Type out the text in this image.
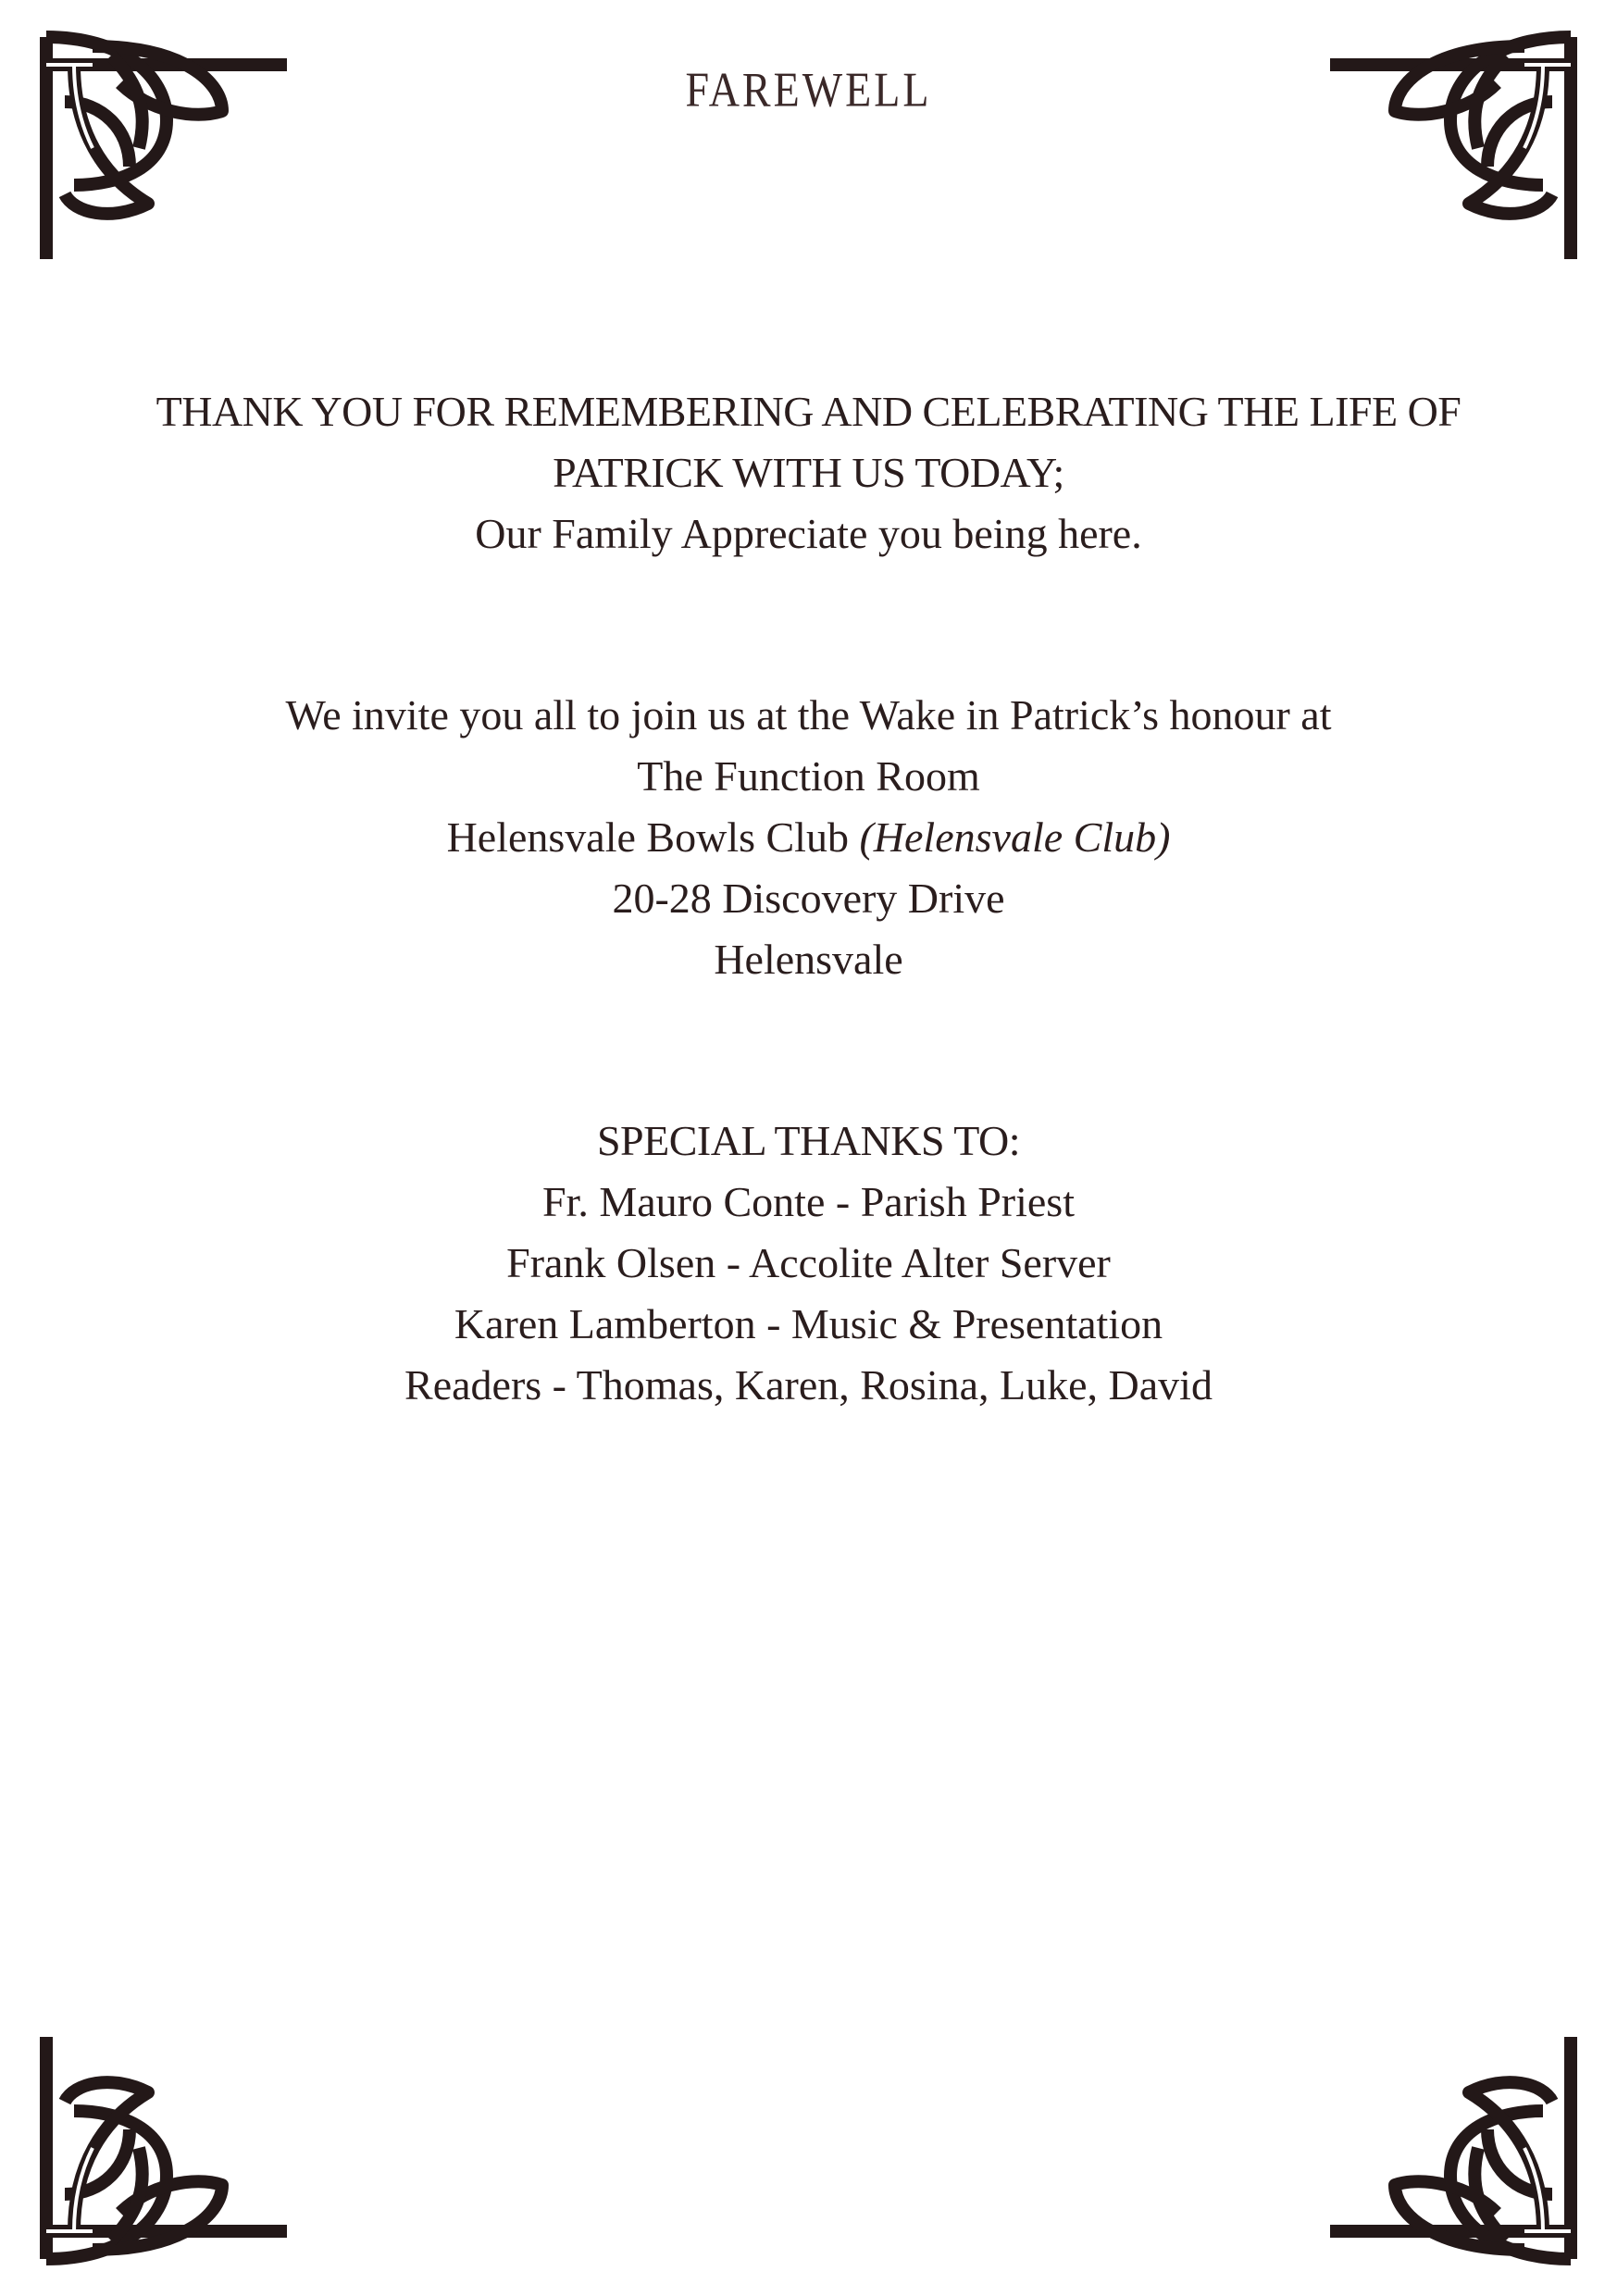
FAREWELL
THANK YOU FOR REMEMBERING AND CELEBRATING THE LIFE OF
PATRICK WITH US TODAY;
Our Family Appreciate you being here.
We invite you all to join us at the Wake in Patrick’s honour at
The Function Room
Helensvale Bowls Club (Helensvale Club)
20-28 Discovery Drive
Helensvale
SPECIAL THANKS TO:
Fr. Mauro Conte - Parish Priest
Frank Olsen - Accolite Alter Server
Karen Lamberton - Music & Presentation
Readers - Thomas, Karen, Rosina, Luke, David
